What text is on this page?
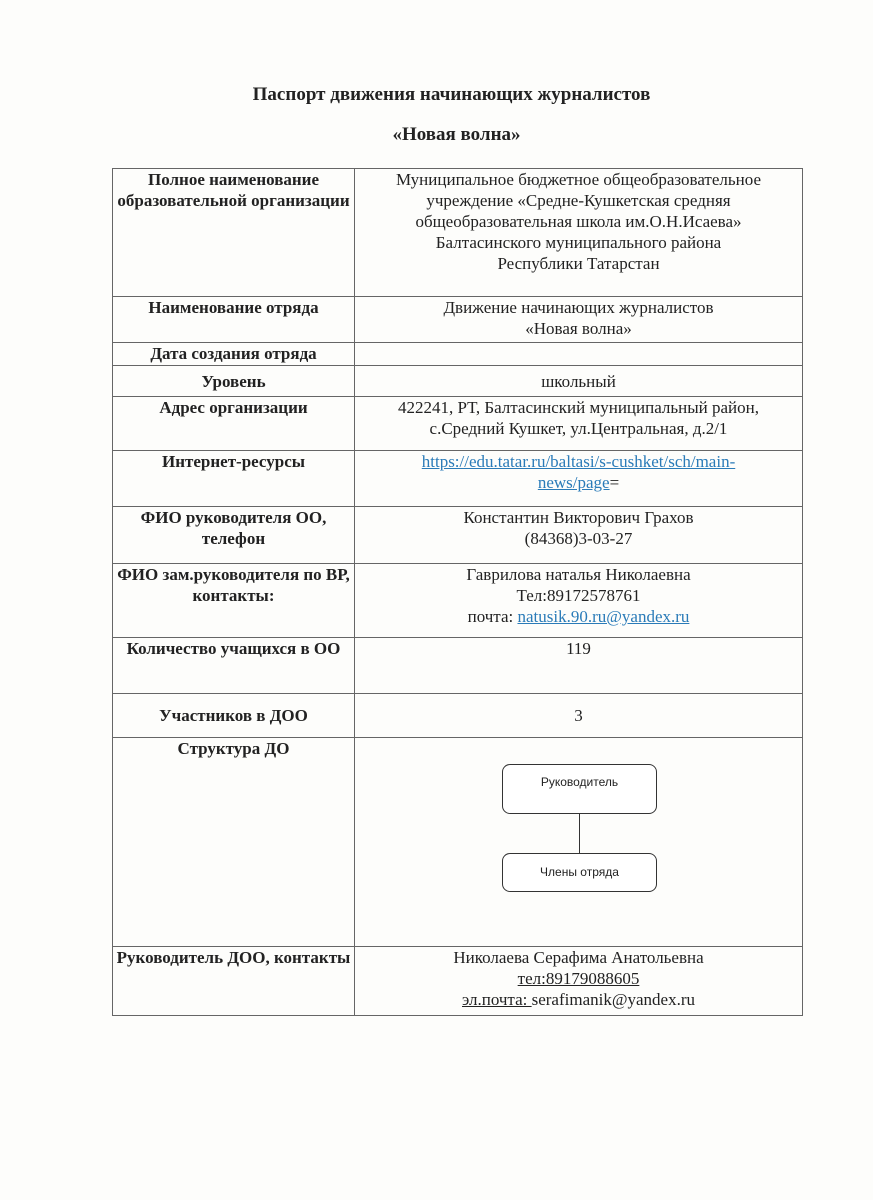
Паспорт движения начинающих журналистов
«Новая волна»
Полное наименование образовательной организации	Муниципальное бюджетное общеобразовательное
учреждение «Средне-Кушкетская средняя
общеобразовательная школа им.О.Н.Исаева»
Балтасинского муниципального района
Республики Татарстан

Наименование отряда	Движение начинающих журналистов
«Новая волна»

Дата создания отряда	
Уровень	школьный
Адрес организации	422241, РТ, Балтасинский муниципальный район,
с.Средний Кушкет, ул.Центральная, д.2/1

Интернет-ресурсы	https://edu.tatar.ru/baltasi/s-cushket/sch/main-
news/page=

ФИО руководителя ОО, телефон	Константин Викторович Грахов
(84368)3-03-27

ФИО зам.руководителя по ВР, контакты:	Гаврилова наталья Николаевна
Тел:89172578761
почта: natusik.90.ru@yandex.ru

Количество учащихся в ОО	119
Участников в ДОО	3
Структура ДО	Руководитель
Члены отряда

Руководитель ДОО, контакты	Николаева Серафима Анатольевна
тел:89179088605
эл.почта: serafimanik@yandex.ru
